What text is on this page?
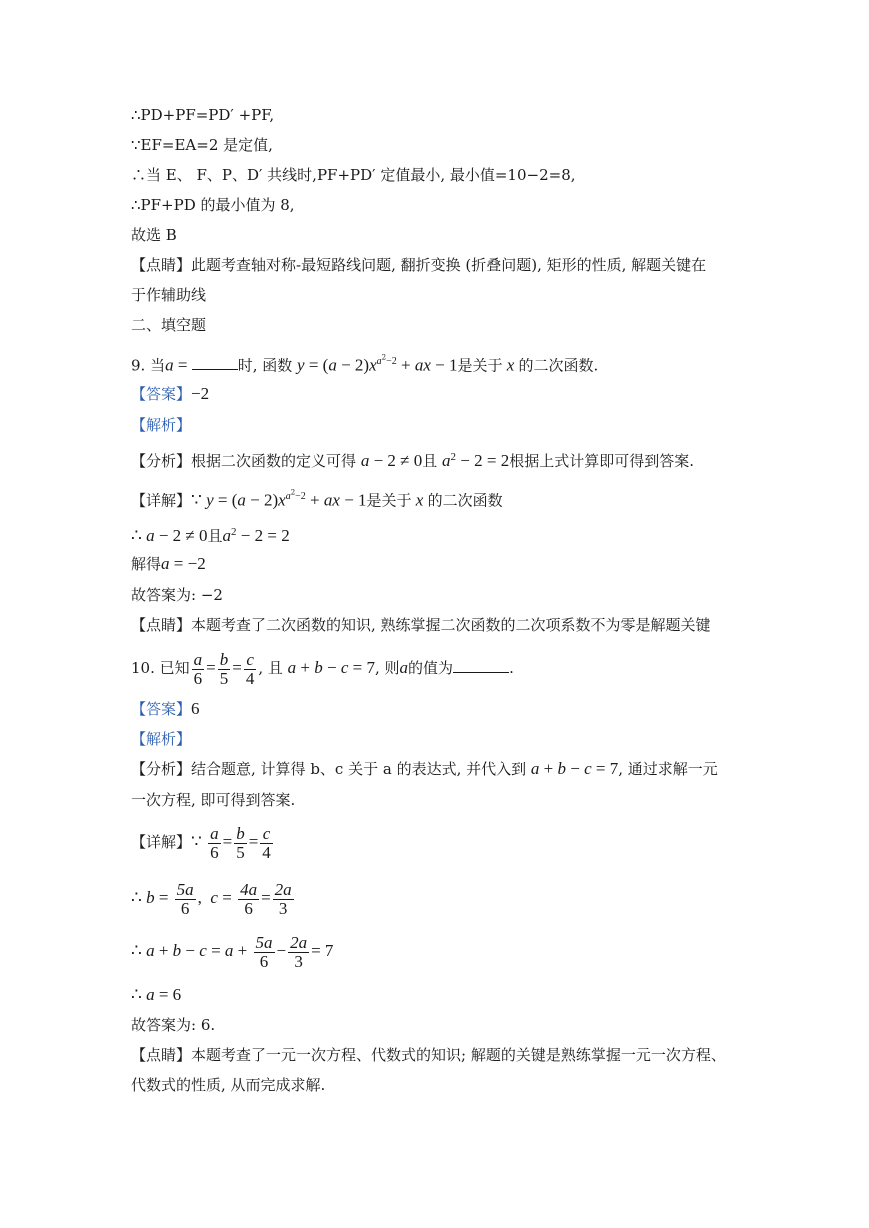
∴PD+PF=PD′ +PF,
∵EF=EA=2 是定值,
∴当 E、 F、P、D′ 共线时,PF+PD′ 定值最小, 最小值=10−2=8,
∴PF+PD 的最小值为 8,
故选 B
【点睛】此题考查轴对称-最短路线问题, 翻折变换 (折叠问题), 矩形的性质, 解题关键在
于作辅助线
二、填空题
9. 当a =	时, 函数 $y = (a - 2)x^{a^2-2}$ + ax − 1是关于 x 的二次函数.
【答案】−2
【解析】
【分析】根据二次函数的定义可得 a − 2 ≠ 0且 $a^2 - 2 = 2$根据上式计算即可得到答案.
【详解】∵ $y = (a - 2)x^{a^2-2}$ + ax − 1是关于 x 的二次函数
∴ a − 2 ≠ 0且$a^2 - 2 = 2$
解得a = −2
故答案为: −2
【点睛】本题考查了二次函数的知识, 熟练掌握二次函数的二次项系数不为零是解题关键
10. 已知 $\frac{a}{6} = \frac{b}{5} = \frac{c}{4}$ , 且 a + b − c = 7, 则a的值为	.
【答案】6
【解析】
【分析】结合题意, 计算得 b、c 关于 a 的表达式, 并代入到 a + b − c = 7, 通过求解一元
一次方程, 即可得到答案.
【详解】∵ $\frac{a}{6} = \frac{b}{5} = \frac{c}{4}$
∴ $b = \frac{5a}{6}$ ,  $c = \frac{4a}{6} = \frac{2a}{3}$
∴ $a + b - c = a + \frac{5a}{6} - \frac{2a}{3} = 7$
∴ a = 6
故答案为: 6.
【点睛】本题考查了一元一次方程、代数式的知识; 解题的关键是熟练掌握一元一次方程、
代数式的性质, 从而完成求解.
